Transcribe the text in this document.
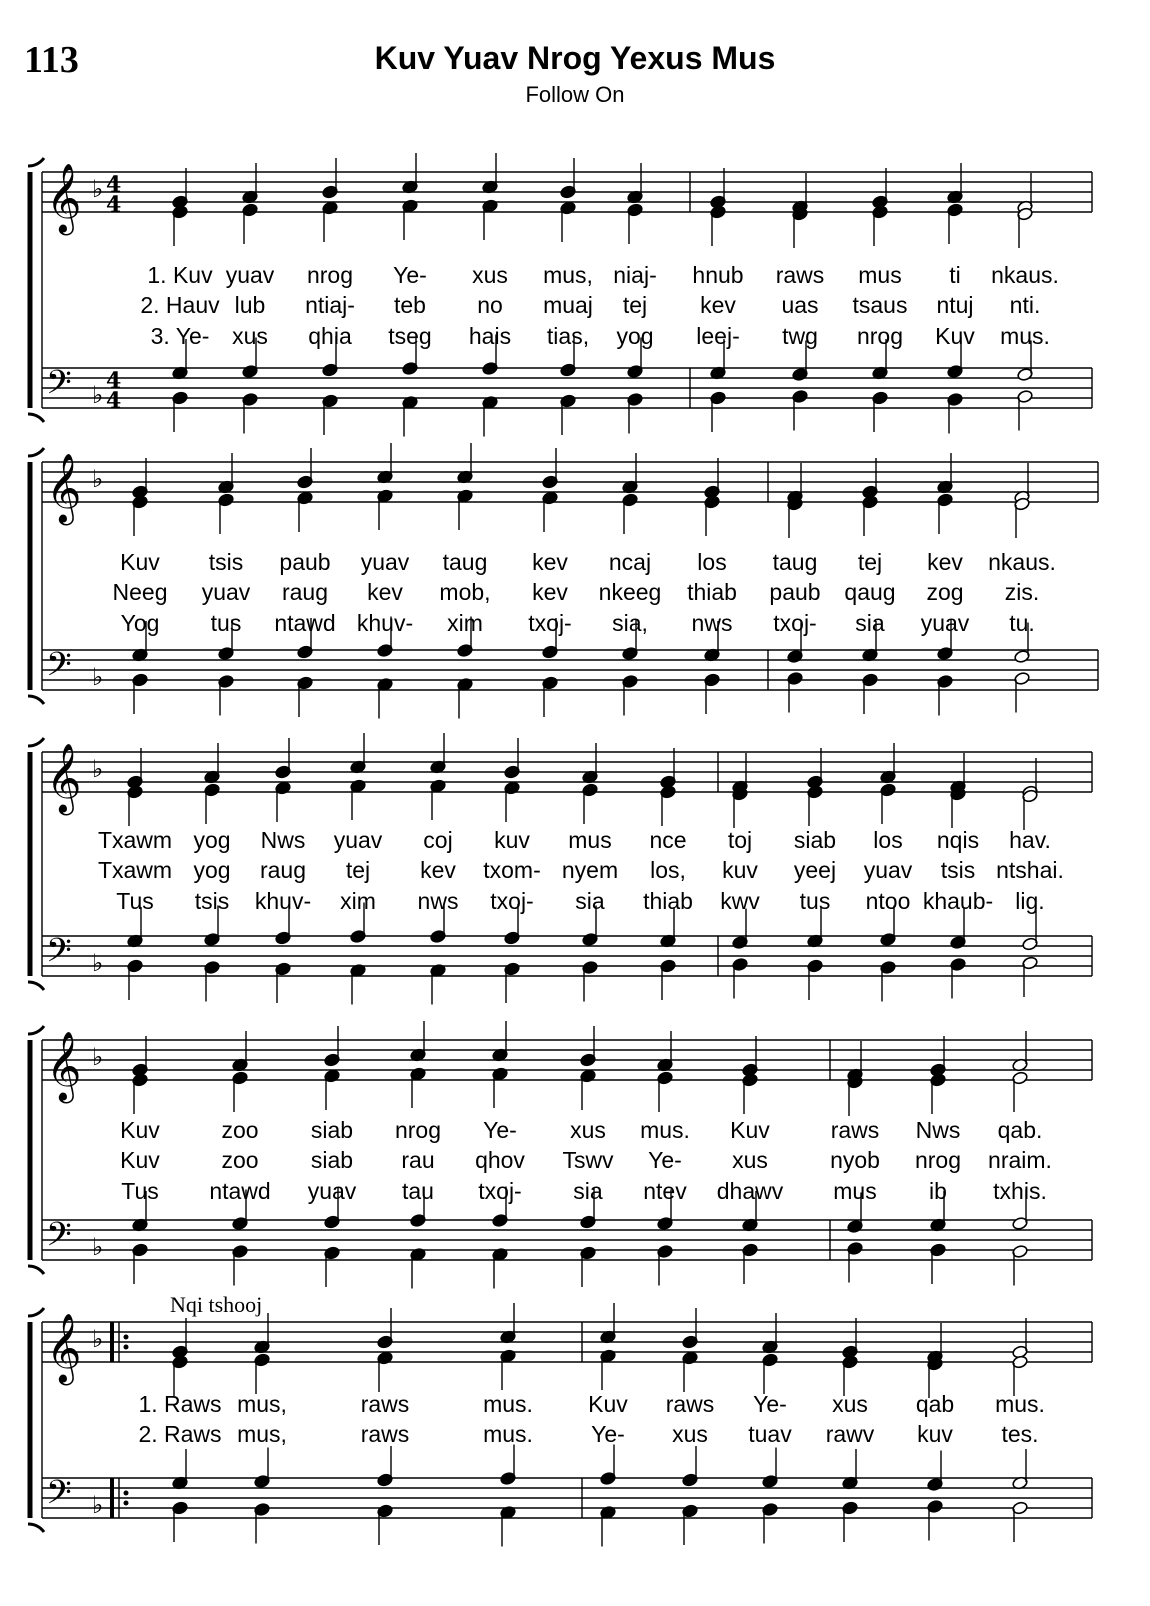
113	Kuv Yuav Nrog Yexus Mus
Follow On
Nqi tshooj
𝄞
𝄢
♭
♭
4
4
4
4
1. Kuv yuav nrog Ye- xus mus, niaj- hnub raws mus ti nkaus.
2. Hauv lub ntiaj- teb no muaj tej kev uas tsaus ntuj nti.
3. Ye- xus qhia tseg hais tias, yog leej- twg nrog Kuv mus.
𝄞
𝄢
♭
♭
Kuv tsis paub yuav taug kev ncaj los taug tej kev nkaus.
Neeg yuav raug kev mob, kev nkeeg thiab paub qaug zog zis.
Yog tus ntawd khuv- xim txoj- sia, nws txoj- sia yuav tu.
𝄞
𝄢
♭
♭
Txawm yog Nws yuav coj kuv mus nce toj siab los nqis hav.
Txawm yog raug tej kev txom- nyem los, kuv yeej yuav tsis ntshai.
Tus tsis khuv- xim nws txoj- sia thiab kwv tus ntoo khaub- lig.
𝄞
𝄢
♭
♭
Kuv	zoo siab nrog Ye- xus mus. Kuv	raws Nws qab.
Kuv	zoo siab rau qhov Tswv Ye- xus	nyob nrog nraim.
Tus ntawd yuav tau txoj- sia ntev dhawv mus ib txhis.
𝄞
𝄢
♭
♭
1. Raws mus,	raws	mus. Kuv raws Ye- xus qab mus.
2. Raws mus,	raws	mus.	Ye- xus tuav rawv kuv tes.
